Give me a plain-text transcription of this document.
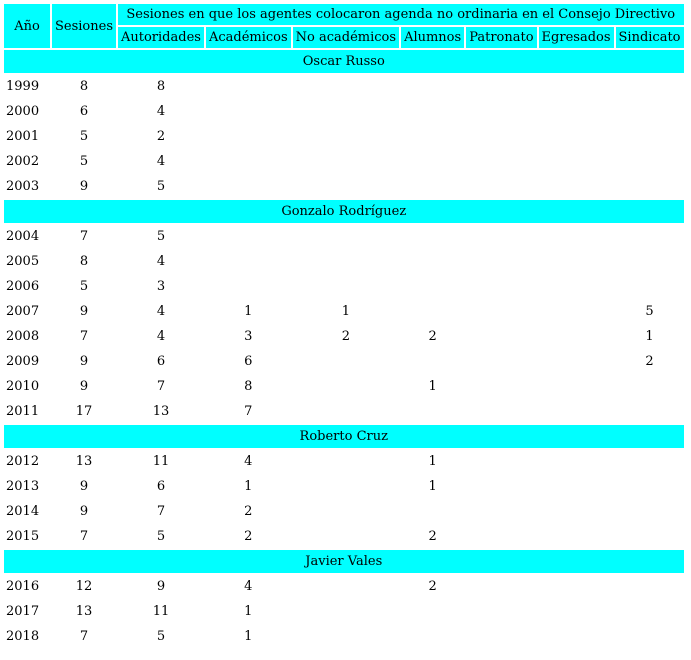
Año	Sesiones	Sesiones en que los agentes colocaron agenda no ordinaria en el Consejo Directivo						
		Autoridades	Académicos	No académicos	Alumnos	Patronato	Egresados	Sindicato
Oscar Russo								
1999	8	8						
2000	6	4						
2001	5	2						
2002	5	4						
2003	9	5						
Gonzalo Rodríguez								
2004	7	5						
2005	8	4						
2006	5	3						
2007	9	4	1	1				5
2008	7	4	3	2	2			1
2009	9	6	6					2
2010	9	7	8		1			
2011	17	13	7					
Roberto Cruz								
2012	13	11	4		1			
2013	9	6	1		1			
2014	9	7	2					
2015	7	5	2		2			
Javier Vales								
2016	12	9	4		2			
2017	13	11	1					
2018	7	5	1					
